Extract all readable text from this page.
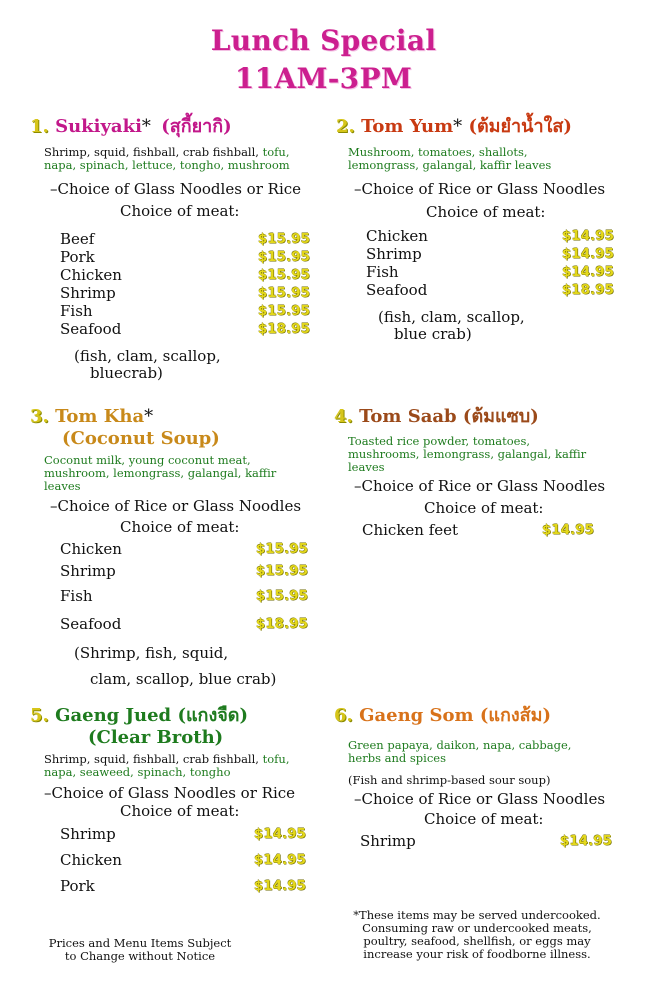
Lunch Special
11AM-3PM
1. Sukiyaki* (สุกี้ยากิ)
Shrimp, squid, fishball, crab fishball, tofu,
napa, spinach, lettuce, tongho, mushroom
–Choice of Glass Noodles or Rice
Choice of meat:
Beef	$15.95
Pork	$15.95
Chicken	$15.95
Shrimp	$15.95
Fish	$15.95
Seafood	$18.95
(fish, clam, scallop,
bluecrab)
2. Tom Yum* (ต้มยำน้ำใส)
Mushroom, tomatoes, shallots,
lemongrass, galangal, kaffir leaves
–Choice of Rice or Glass Noodles
Choice of meat:
Chicken	$14.95
Shrimp	$14.95
Fish	$14.95
Seafood	$18.95
(fish, clam, scallop,
blue crab)
3. Tom Kha*
(Coconut Soup)
Coconut milk, young coconut meat,
mushroom, lemongrass, galangal, kaffir
leaves
–Choice of Rice or Glass Noodles
Choice of meat:
Chicken	$15.95
Shrimp	$15.95
Fish	$15.95
Seafood	$18.95
(Shrimp, fish, squid,
clam, scallop, blue crab)
4. Tom Saab (ต้มแซบ)
Toasted rice powder, tomatoes,
mushrooms, lemongrass, galangal, kaffir
leaves
–Choice of Rice or Glass Noodles
Choice of meat:
Chicken feet	$14.95
5. Gaeng Jued (แกงจืด)
(Clear Broth)
Shrimp, squid, fishball, crab fishball, tofu,
napa, seaweed, spinach, tongho
–Choice of Glass Noodles or Rice
Choice of meat:
Shrimp	$14.95
Chicken	$14.95
Pork	$14.95
6. Gaeng Som (แกงส้ม)
Green papaya, daikon, napa, cabbage,
herbs and spices
(Fish and shrimp-based sour soup)
–Choice of Rice or Glass Noodles
Choice of meat:
Shrimp	$14.95
Prices and Menu Items Subject
to Change without Notice
*These items may be served undercooked.
Consuming raw or undercooked meats,
poultry, seafood, shellfish, or eggs may
increase your risk of foodborne illness.
